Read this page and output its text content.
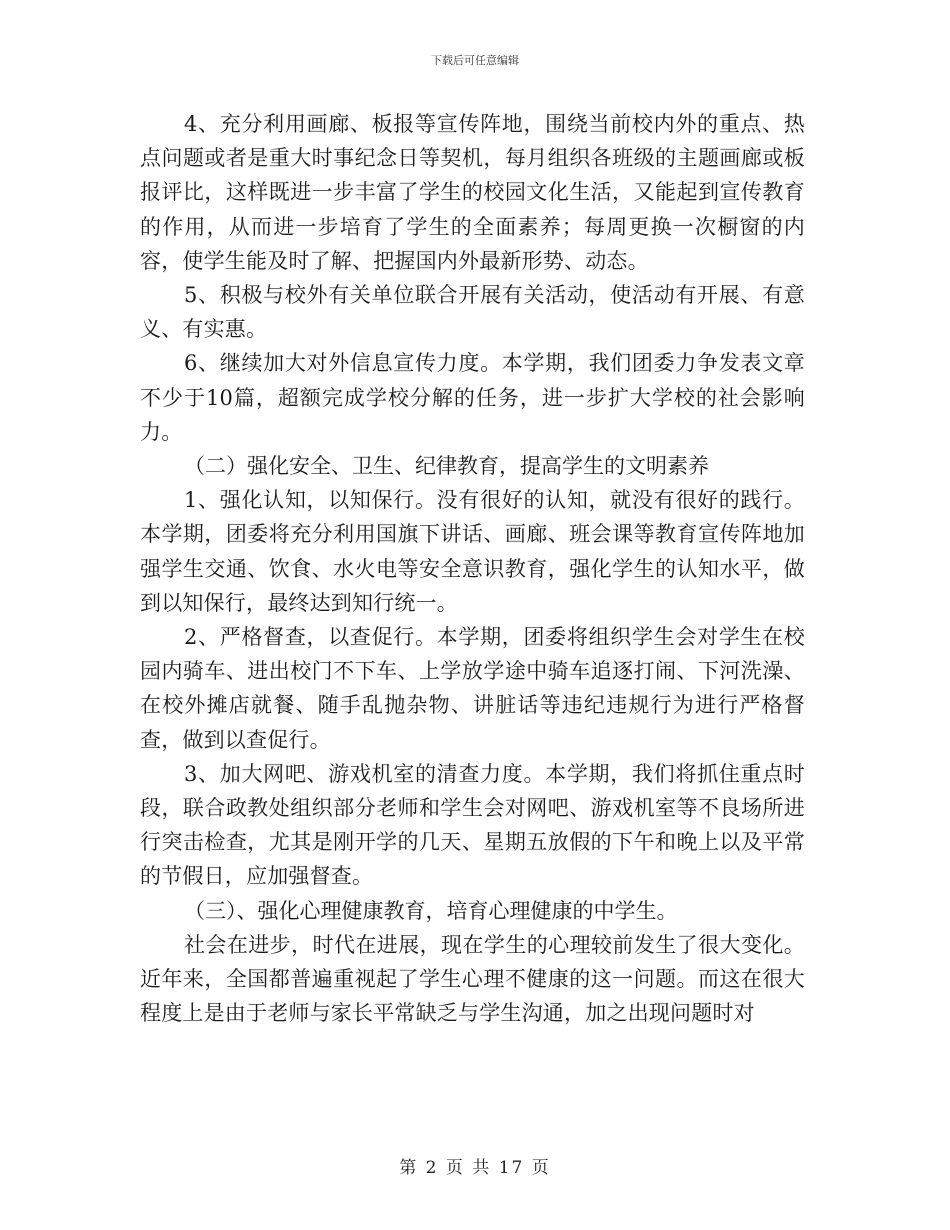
下载后可任意编辑

4、充分利用画廊、板报等宣传阵地，围绕当前校内外的重点、热点问题或者是重大时事纪念日等契机，每月组织各班级的主题画廊或板报评比，这样既进一步丰富了学生的校园文化生活，又能起到宣传教育的作用，从而进一步培育了学生的全面素养；每周更换一次橱窗的内容，使学生能及时了解、把握国内外最新形势、动态。

5、积极与校外有关单位联合开展有关活动，使活动有开展、有意义、有实惠。

6、继续加大对外信息宣传力度。本学期，我们团委力争发表文章不少于10篇，超额完成学校分解的任务，进一步扩大学校的社会影响力。

（二）强化安全、卫生、纪律教育，提高学生的文明素养

1、强化认知，以知保行。没有很好的认知，就没有很好的践行。本学期，团委将充分利用国旗下讲话、画廊、班会课等教育宣传阵地加强学生交通、饮食、水火电等安全意识教育，强化学生的认知水平，做到以知保行，最终达到知行统一。

2、严格督查，以查促行。本学期，团委将组织学生会对学生在校园内骑车、进出校门不下车、上学放学途中骑车追逐打闹、下河洗澡、在校外摊店就餐、随手乱抛杂物、讲脏话等违纪违规行为进行严格督查，做到以查促行。

3、加大网吧、游戏机室的清查力度。本学期，我们将抓住重点时段，联合政教处组织部分老师和学生会对网吧、游戏机室等不良场所进行突击检查，尤其是刚开学的几天、星期五放假的下午和晚上以及平常的节假日，应加强督查。

（三）、强化心理健康教育，培育心理健康的中学生。

社会在进步，时代在进展，现在学生的心理较前发生了很大变化。近年来，全国都普遍重视起了学生心理不健康的这一问题。而这在很大程度上是由于老师与家长平常缺乏与学生沟通，加之出现问题时对

第 2 页 共 17 页
